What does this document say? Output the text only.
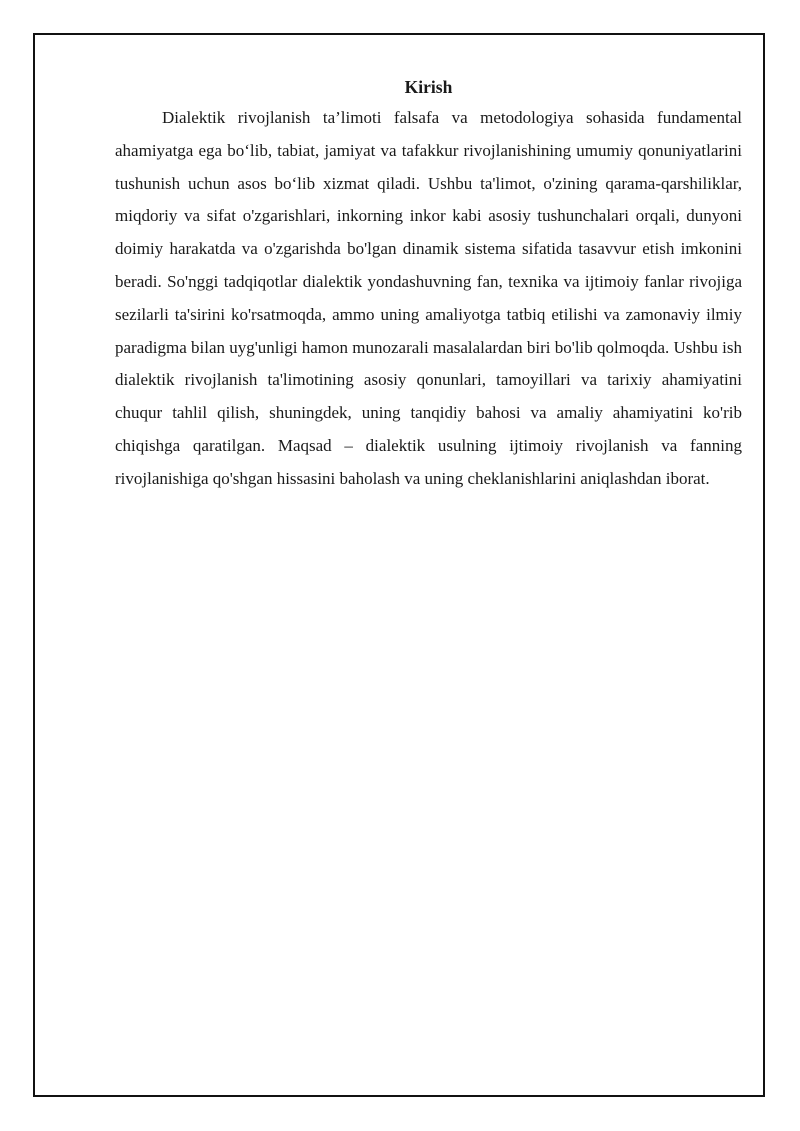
Kirish

Dialektik rivojlanish ta’limoti falsafa va metodologiya sohasida fundamental ahamiyatga ega bo‘lib, tabiat, jamiyat va tafakkur rivojlanishining umumiy qonuniyatlarini tushunish uchun asos bo‘lib xizmat qiladi. Ushbu ta'limot, o'zining qarama-qarshiliklar, miqdoriy va sifat o'zgarishlari, inkorning inkor kabi asosiy tushunchalari orqali, dunyoni doimiy harakatda va o'zgarishda bo'lgan dinamik sistema sifatida tasavvur etish imkonini beradi. So'nggi tadqiqotlar dialektik yondashuvning fan, texnika va ijtimoiy fanlar rivojiga sezilarli ta'sirini ko'rsatmoqda, ammo uning amaliyotga tatbiq etilishi va zamonaviy ilmiy paradigma bilan uyg'unligi hamon munozarali masalalardan biri bo'lib qolmoqda. Ushbu ish dialektik rivojlanish ta'limotining asosiy qonunlari, tamoyillari va tarixiy ahamiyatini chuqur tahlil qilish, shuningdek, uning tanqidiy bahosi va amaliy ahamiyatini ko'rib chiqishga qaratilgan. Maqsad – dialektik usulning ijtimoiy rivojlanish va fanning rivojlanishiga qo'shgan hissasini baholash va uning cheklanishlarini aniqlashdan iborat.
